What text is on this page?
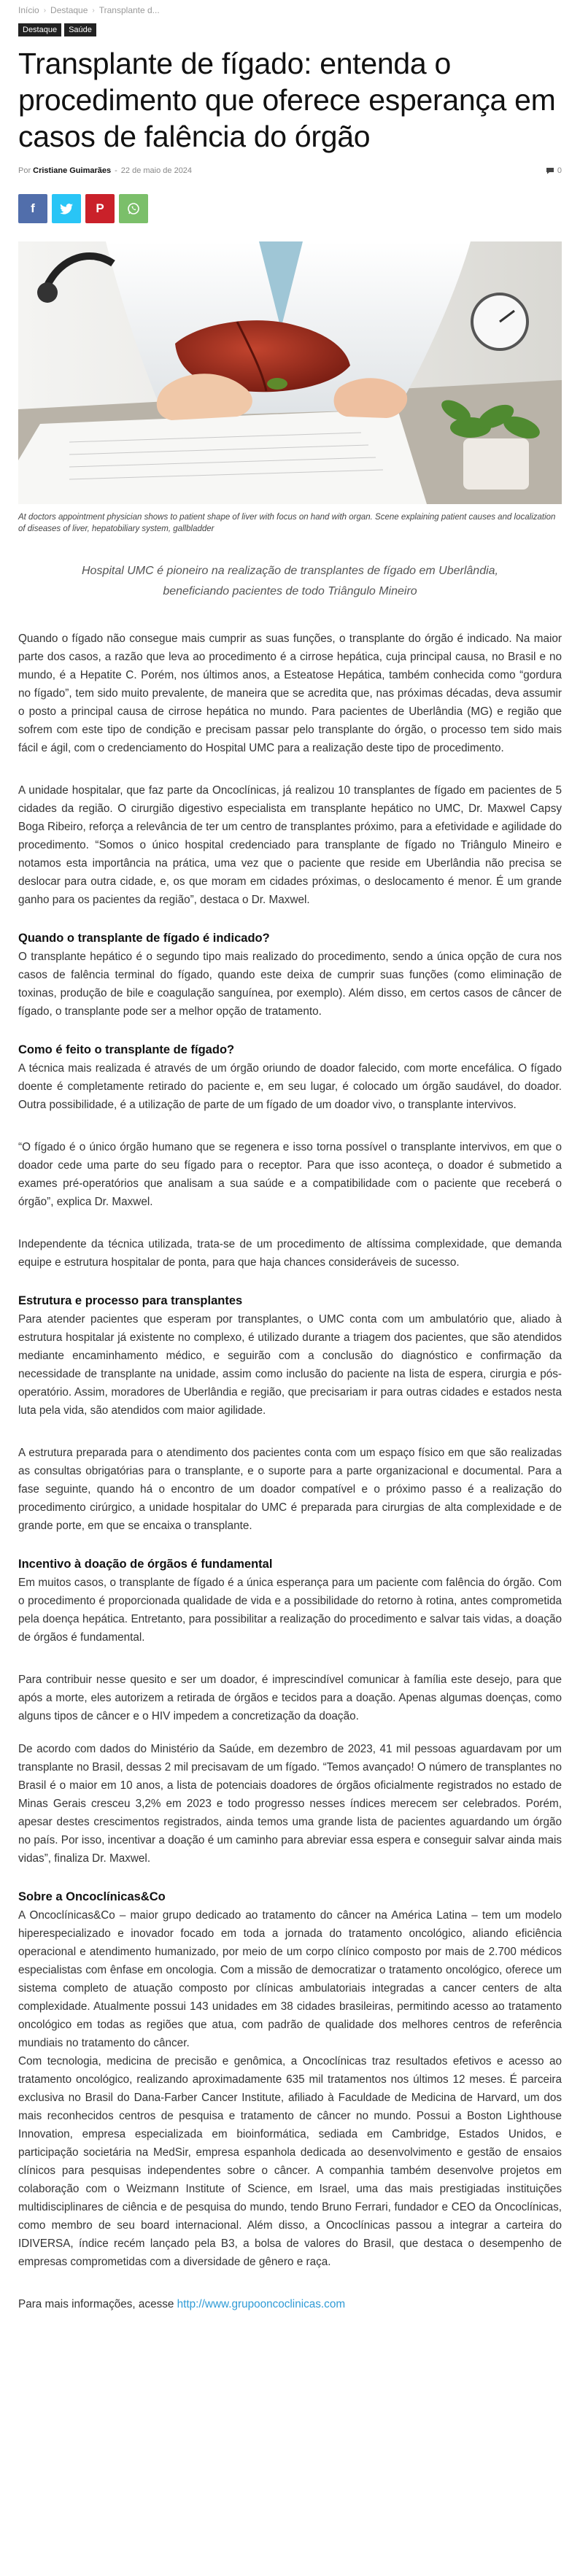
Início › Destaque › Transplante d...
Destaque	Saúde
Transplante de fígado: entenda o procedimento que oferece esperança em casos de falência do órgão
Por Cristiane Guimarães - 22 de maio de 2024	0
f	P

At doctors appointment physician shows to patient shape of liver with focus on hand with organ. Scene explaining patient causes and localization of diseases of liver, hepatobiliary system, gallbladder

Hospital UMC é pioneiro na realização de transplantes de fígado em Uberlândia, beneficiando pacientes de todo Triângulo Mineiro

Quando o fígado não consegue mais cumprir as suas funções, o transplante do órgão é indicado. Na maior parte dos casos, a razão que leva ao procedimento é a cirrose hepática, cuja principal causa, no Brasil e no mundo, é a Hepatite C. Porém, nos últimos anos, a Esteatose Hepática, também conhecida como “gordura no fígado”, tem sido muito prevalente, de maneira que se acredita que, nas próximas décadas, deva assumir o posto a principal causa de cirrose hepática no mundo. Para pacientes de Uberlândia (MG) e região que sofrem com este tipo de condição e precisam passar pelo transplante do órgão, o processo tem sido mais fácil e ágil, com o credenciamento do Hospital UMC para a realização deste tipo de procedimento.

A unidade hospitalar, que faz parte da Oncoclínicas, já realizou 10 transplantes de fígado em pacientes de 5 cidades da região. O cirurgião digestivo especialista em transplante hepático no UMC, Dr. Maxwel Capsy Boga Ribeiro, reforça a relevância de ter um centro de transplantes próximo, para a efetividade e agilidade do procedimento. “Somos o único hospital credenciado para transplante de fígado no Triângulo Mineiro e notamos esta importância na prática, uma vez que o paciente que reside em Uberlândia não precisa se deslocar para outra cidade, e, os que moram em cidades próximas, o deslocamento é menor. É um grande ganho para os pacientes da região”, destaca o Dr. Maxwel.

Quando o transplante de fígado é indicado?

O transplante hepático é o segundo tipo mais realizado do procedimento, sendo a única opção de cura nos casos de falência terminal do fígado, quando este deixa de cumprir suas funções (como eliminação de toxinas, produção de bile e coagulação sanguínea, por exemplo). Além disso, em certos casos de câncer de fígado, o transplante pode ser a melhor opção de tratamento.

Como é feito o transplante de fígado?

A técnica mais realizada é através de um órgão oriundo de doador falecido, com morte encefálica. O fígado doente é completamente retirado do paciente e, em seu lugar, é colocado um órgão saudável, do doador. Outra possibilidade, é a utilização de parte de um fígado de um doador vivo, o transplante intervivos.

“O fígado é o único órgão humano que se regenera e isso torna possível o transplante intervivos, em que o doador cede uma parte do seu fígado para o receptor. Para que isso aconteça, o doador é submetido a exames pré-operatórios que analisam a sua saúde e a compatibilidade com o paciente que receberá o órgão”, explica Dr. Maxwel.

Independente da técnica utilizada, trata-se de um procedimento de altíssima complexidade, que demanda equipe e estrutura hospitalar de ponta, para que haja chances consideráveis de sucesso.

Estrutura e processo para transplantes

Para atender pacientes que esperam por transplantes, o UMC conta com um ambulatório que, aliado à estrutura hospitalar já existente no complexo, é utilizado durante a triagem dos pacientes, que são atendidos mediante encaminhamento médico, e seguirão com a conclusão do diagnóstico e confirmação da necessidade de transplante na unidade, assim como inclusão do paciente na lista de espera, cirurgia e pós-operatório. Assim, moradores de Uberlândia e região, que precisariam ir para outras cidades e estados nesta luta pela vida, são atendidos com maior agilidade.

A estrutura preparada para o atendimento dos pacientes conta com um espaço físico em que são realizadas as consultas obrigatórias para o transplante, e o suporte para a parte organizacional e documental. Para a fase seguinte, quando há o encontro de um doador compatível e o próximo passo é a realização do procedimento cirúrgico, a unidade hospitalar do UMC é preparada para cirurgias de alta complexidade e de grande porte, em que se encaixa o transplante.

Incentivo à doação de órgãos é fundamental

Em muitos casos, o transplante de fígado é a única esperança para um paciente com falência do órgão. Com o procedimento é proporcionada qualidade de vida e a possibilidade do retorno à rotina, antes comprometida pela doença hepática. Entretanto, para possibilitar a realização do procedimento e salvar tais vidas, a doação de órgãos é fundamental.

Para contribuir nesse quesito e ser um doador, é imprescindível comunicar à família este desejo, para que após a morte, eles autorizem a retirada de órgãos e tecidos para a doação. Apenas algumas doenças, como alguns tipos de câncer e o HIV impedem a concretização da doação.

De acordo com dados do Ministério da Saúde, em dezembro de 2023, 41 mil pessoas aguardavam por um transplante no Brasil, dessas 2 mil precisavam de um fígado. “Temos avançado! O número de transplantes no Brasil é o maior em 10 anos, a lista de potenciais doadores de órgãos oficialmente registrados no estado de Minas Gerais cresceu 3,2% em 2023 e todo progresso nesses índices merecem ser celebrados. Porém, apesar destes crescimentos registrados, ainda temos uma grande lista de pacientes aguardando um órgão no país. Por isso, incentivar a doação é um caminho para abreviar essa espera e conseguir salvar ainda mais vidas”, finaliza Dr. Maxwel.

Sobre a Oncoclínicas&Co

A Oncoclínicas&Co – maior grupo dedicado ao tratamento do câncer na América Latina – tem um modelo hiperespecializado e inovador focado em toda a jornada do tratamento oncológico, aliando eficiência operacional e atendimento humanizado, por meio de um corpo clínico composto por mais de 2.700 médicos especialistas com ênfase em oncologia. Com a missão de democratizar o tratamento oncológico, oferece um sistema completo de atuação composto por clínicas ambulatoriais integradas a cancer centers de alta complexidade. Atualmente possui 143 unidades em 38 cidades brasileiras, permitindo acesso ao tratamento oncológico em todas as regiões que atua, com padrão de qualidade dos melhores centros de referência mundiais no tratamento do câncer.

Com tecnologia, medicina de precisão e genômica, a Oncoclínicas traz resultados efetivos e acesso ao tratamento oncológico, realizando aproximadamente 635 mil tratamentos nos últimos 12 meses. É parceira exclusiva no Brasil do Dana-Farber Cancer Institute, afiliado à Faculdade de Medicina de Harvard, um dos mais reconhecidos centros de pesquisa e tratamento de câncer no mundo. Possui a Boston Lighthouse Innovation, empresa especializada em bioinformática, sediada em Cambridge, Estados Unidos, e participação societária na MedSir, empresa espanhola dedicada ao desenvolvimento e gestão de ensaios clínicos para pesquisas independentes sobre o câncer. A companhia também desenvolve projetos em colaboração com o Weizmann Institute of Science, em Israel, uma das mais prestigiadas instituições multidisciplinares de ciência e de pesquisa do mundo, tendo Bruno Ferrari, fundador e CEO da Oncoclínicas, como membro de seu board internacional. Além disso, a Oncoclínicas passou a integrar a carteira do IDIVERSA, índice recém lançado pela B3, a bolsa de valores do Brasil, que destaca o desempenho de empresas comprometidas com a diversidade de gênero e raça.

Para mais informações, acesse http://www.grupooncoclinicas.com
